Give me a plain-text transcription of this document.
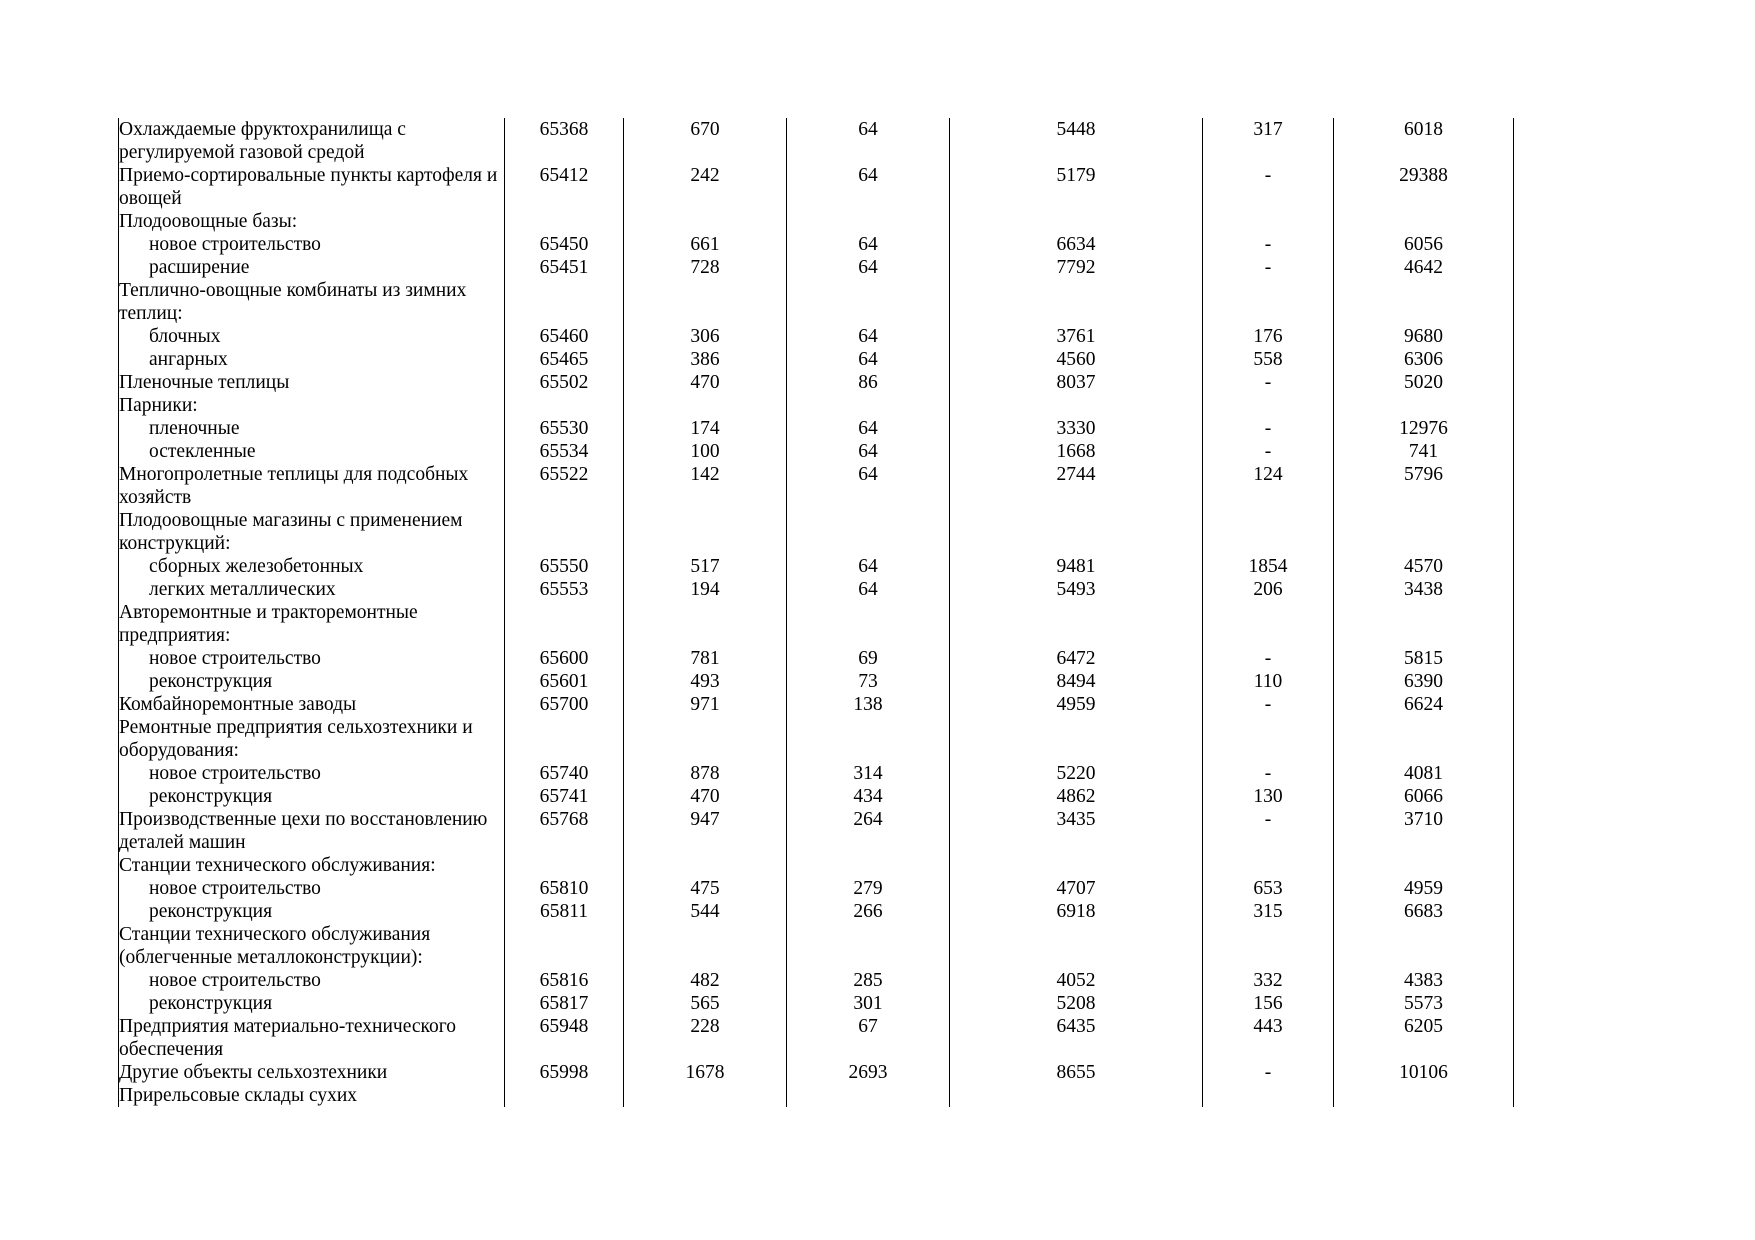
Охлаждаемые фруктохранилища с регулируемой газовой средой	65368	670	64	5448	317	6018
Приемо-сортировальные пункты картофеля и овощей	65412	242	64	5179	-	29388
Плодоовощные базы:						
новое строительство	65450	661	64	6634	-	6056
расширение	65451	728	64	7792	-	4642
Теплично-овощные комбинаты из зимних теплиц:						
блочных	65460	306	64	3761	176	9680
ангарных	65465	386	64	4560	558	6306
Пленочные теплицы	65502	470	86	8037	-	5020
Парники:						
пленочные	65530	174	64	3330	-	12976
остекленные	65534	100	64	1668	-	741
Многопролетные теплицы для подсобных хозяйств	65522	142	64	2744	124	5796
Плодоовощные магазины с применением конструкций:						
сборных железобетонных	65550	517	64	9481	1854	4570
легких металлических	65553	194	64	5493	206	3438
Авторемонтные и тракторемонтные предприятия:						
новое строительство	65600	781	69	6472	-	5815
реконструкция	65601	493	73	8494	110	6390
Комбайноремонтные заводы	65700	971	138	4959	-	6624
Ремонтные предприятия сельхозтехники и оборудования:						
новое строительство	65740	878	314	5220	-	4081
реконструкция	65741	470	434	4862	130	6066
Производственные цехи по восстановлению деталей машин	65768	947	264	3435	-	3710
Станции технического обслуживания:						
новое строительство	65810	475	279	4707	653	4959
реконструкция	65811	544	266	6918	315	6683
Станции технического обслуживания (облегченные металлоконструкции):						
новое строительство	65816	482	285	4052	332	4383
реконструкция	65817	565	301	5208	156	5573
Предприятия материально-технического обеспечения	65948	228	67	6435	443	6205
Другие объекты сельхозтехники	65998	1678	2693	8655	-	10106
Прирельсовые склады сухих						
